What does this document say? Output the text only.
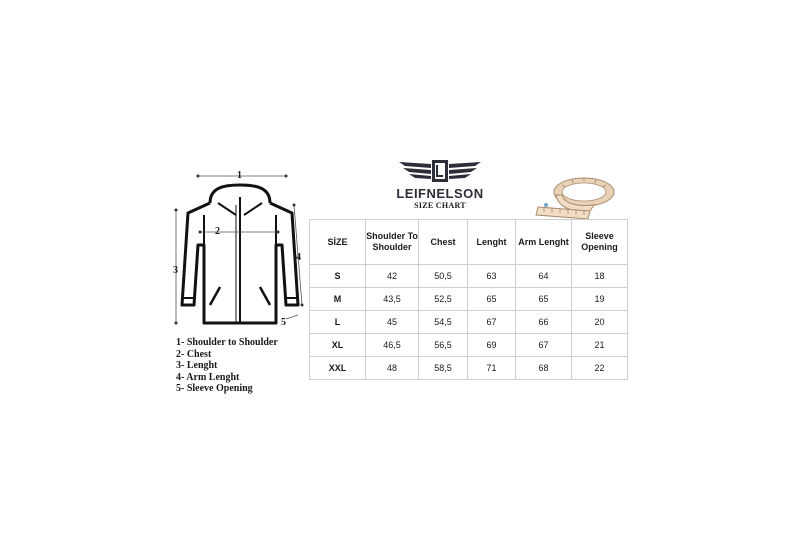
1
2
3
4
5
1- Shoulder to Shoulder
2- Chest
3- Lenght
4- Arm Lenght
5- Sleeve Opening
LEIFNELSON
SIZE CHART
SİZE	Shoulder To Shoulder	Chest	Lenght	Arm Lenght	Sleeve Opening
S	42	50,5	63	64	18
M	43,5	52,5	65	65	19
L	45	54,5	67	66	20
XL	46,5	56,5	69	67	21
XXL	48	58,5	71	68	22
